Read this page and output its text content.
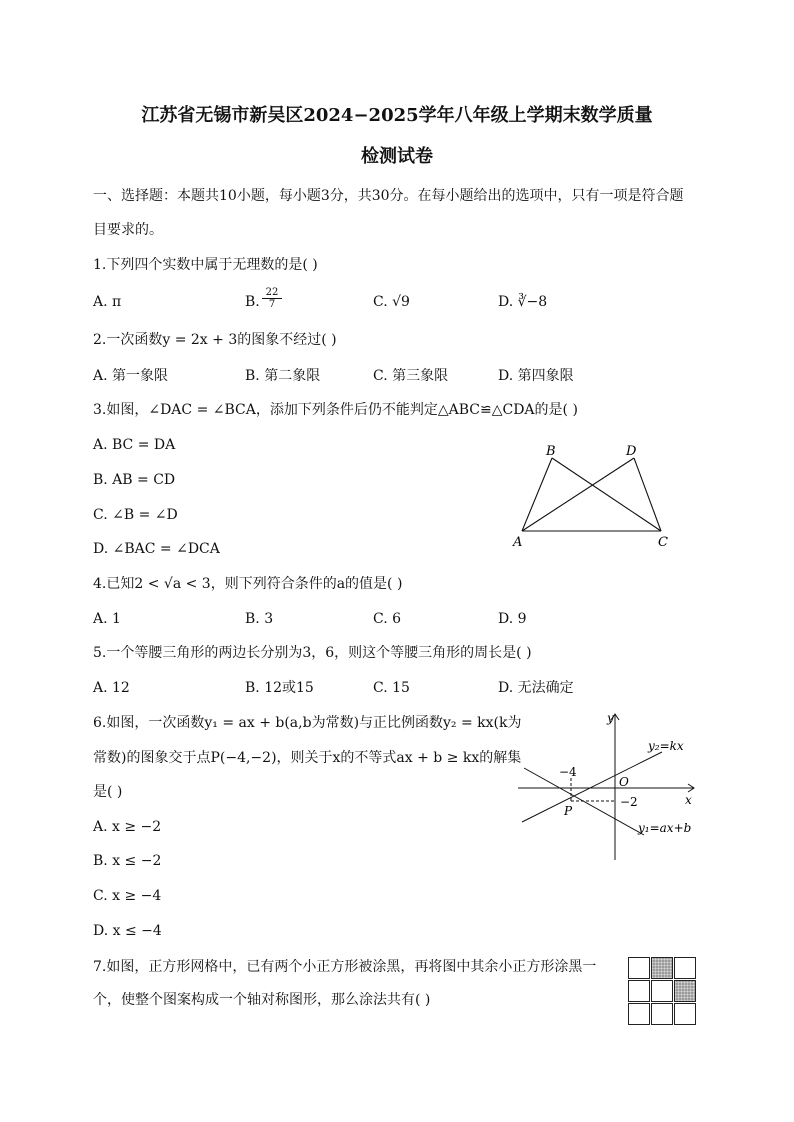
江苏省无锡市新吴区2024−2025学年八年级上学期末数学质量
检测试卷
一、选择题：本题共10小题，每小题3分，共30分。在每小题给出的选项中，只有一项是符合题
目要求的。
1.下列四个实数中属于无理数的是( )
A. π	B. $\frac{22}{7}$	C. √9	D. ∛−8
2.一次函数y = 2x + 3的图象不经过( )
A. 第一象限	B. 第二象限	C. 第三象限	D. 第四象限
3.如图，∠DAC = ∠BCA，添加下列条件后仍不能判定△ABC≌△CDA的是( )
A. BC = DA
B. AB = CD
C. ∠B = ∠D
D. ∠BAC = ∠DCA
B	D
A	C
4.已知2 < √a < 3，则下列符合条件的a的值是( )
A. 1	B. 3	C. 6	D. 9
5.一个等腰三角形的两边长分别为3，6，则这个等腰三角形的周长是( )
A. 12	B. 12或15	C. 15	D. 无法确定
6.如图，一次函数y₁ = ax + b(a,b为常数)与正比例函数y₂ = kx(k为
常数)的图象交于点P(−4,−2)，则关于x的不等式ax + b ≥ kx的解集
是( )
A. x ≥ −2
B. x ≤ −2
C. x ≥ −4
D. x ≤ −4
y
x
O
−4
−2
P
y₂=kx
y₁=ax+b
7.如图，正方形网格中，已有两个小正方形被涂黑，再将图中其余小正方形涂黑一
个，使整个图案构成一个轴对称图形，那么涂法共有( )
